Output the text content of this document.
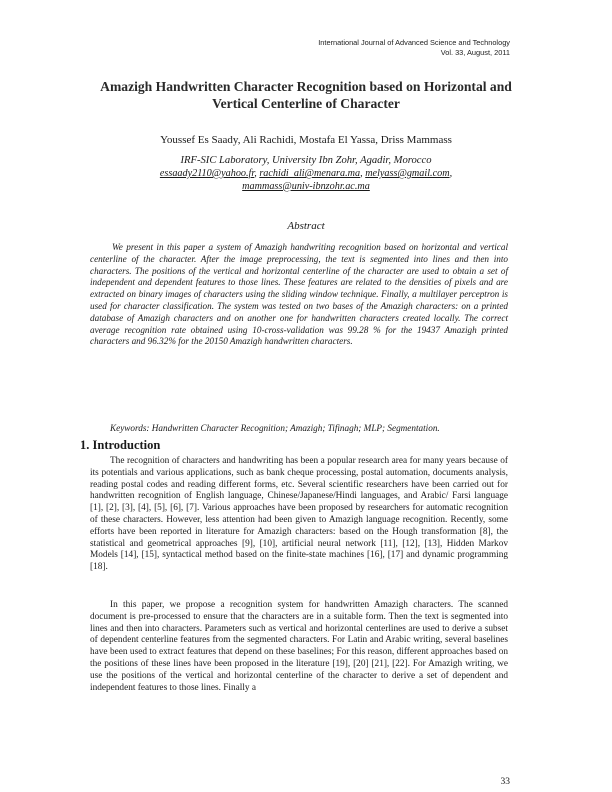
International Journal of Advanced Science and Technology
Vol. 33, August, 2011
Amazigh Handwritten Character Recognition based on Horizontal and Vertical Centerline of Character
Youssef Es Saady, Ali Rachidi, Mostafa El Yassa, Driss Mammass
IRF-SIC Laboratory, University Ibn Zohr, Agadir, Morocco
essaady2110@yahoo.fr, rachidi_ali@menara.ma, melyass@gmail.com,
mammass@univ-ibnzohr.ac.ma
Abstract

We present in this paper a system of Amazigh handwriting recognition based on horizontal and vertical centerline of the character. After the image preprocessing, the text is segmented into lines and then into characters. The positions of the vertical and horizontal centerline of the character are used to obtain a set of independent and dependent features to those lines. These features are related to the densities of pixels and are extracted on binary images of characters using the sliding window technique. Finally, a multilayer perceptron is used for character classification. The system was tested on two bases of the Amazigh characters: on a printed database of Amazigh characters and on another one for handwritten characters created locally. The correct average recognition rate obtained using 10-cross-validation was 99.28 % for the 19437 Amazigh printed characters and 96.32% for the 20150 Amazigh handwritten characters.

Keywords: Handwritten Character Recognition; Amazigh; Tifinagh; MLP; Segmentation.
1. Introduction

The recognition of characters and handwriting has been a popular research area for many years because of its potentials and various applications, such as bank cheque processing, postal automation, documents analysis, reading postal codes and reading different forms, etc. Several scientific researchers have been carried out for handwritten recognition of English language, Chinese/Japanese/Hindi languages, and Arabic/ Farsi language [1], [2], [3], [4], [5], [6], [7]. Various approaches have been proposed by researchers for automatic recognition of these characters. However, less attention had been given to Amazigh language recognition. Recently, some efforts have been reported in literature for Amazigh characters: based on the Hough transformation [8], the statistical and geometrical approaches [9], [10], artificial neural network [11], [12], [13], Hidden Markov Models [14], [15], syntactical method based on the finite-state machines [16], [17] and dynamic programming [18].

In this paper, we propose a recognition system for handwritten Amazigh characters. The scanned document is pre-processed to ensure that the characters are in a suitable form. Then the text is segmented into lines and then into characters. Parameters such as vertical and horizontal centerlines are used to derive a subset of dependent centerline features from the segmented characters. For Latin and Arabic writing, several baselines have been used to extract features that depend on these baselines; For this reason, different approaches based on the positions of these lines have been proposed in the literature [19], [20] [21], [22]. For Amazigh writing, we use the positions of the vertical and horizontal centerline of the character to derive a set of dependent and independent features to those lines. Finally a

33
